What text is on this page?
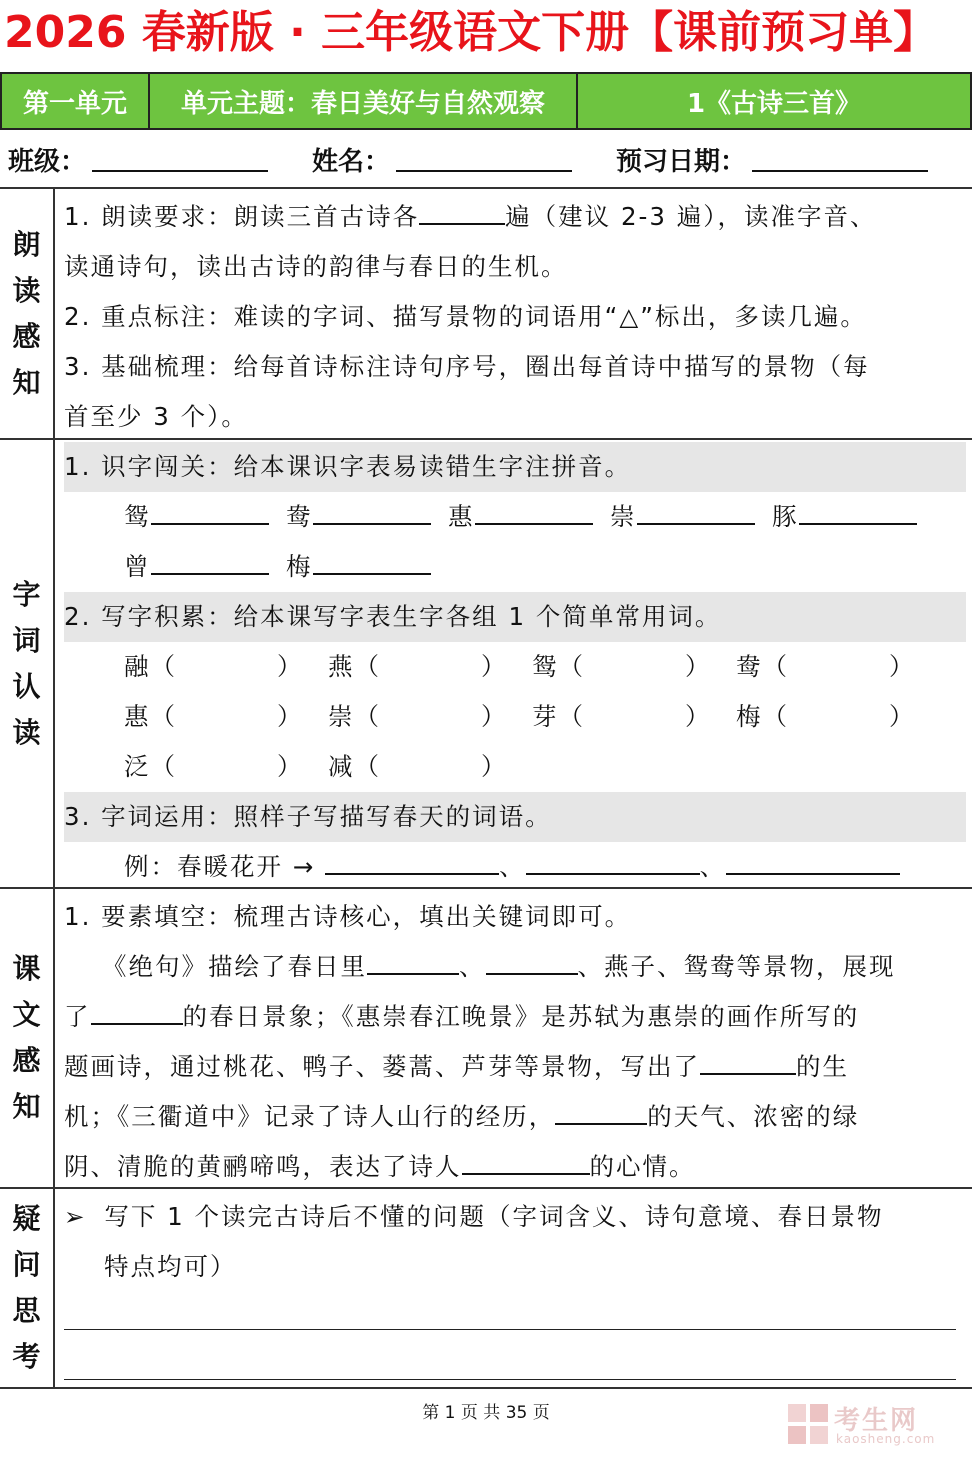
2026 春新版 · 三年级语文下册【课前预习单】
第一单元	单元主题：春日美好与自然观察	1《古诗三首》
班级：	姓名：	预习日期：
朗
读
感
知
1. 朗读要求：朗读三首古诗各	遍（建议 2-3 遍），读准字音、
读通诗句，读出古诗的韵律与春日的生机。
2. 重点标注：难读的字词、描写景物的词语用“△”标出，多读几遍。
3. 基础梳理：给每首诗标注诗句序号，圈出每首诗中描写的景物（每
首至少 3 个）。
字
词
认
读
1. 识字闯关：给本课识字表易读错生字注拼音。
鸳	鸯	惠	崇	豚
曾	梅
2. 写字积累：给本课写字表生字各组 1 个简单常用词。
融（	） 燕（	） 鸳（	） 鸯（	）
惠（	） 崇（	） 芽（	） 梅（	）
泛（	） 减（	）
3. 字词运用：照样子写描写春天的词语。
例：春暖花开 →	、	、
课
文
感
知
1. 要素填空：梳理古诗核心，填出关键词即可。
《绝句》描绘了春日里	、	、燕子、鸳鸯等景物，展现
了	的春日景象；《惠崇春江晚景》是苏轼为惠崇的画作所写的
题画诗，通过桃花、鸭子、蒌蒿、芦芽等景物，写出了	的生
机；《三衢道中》记录了诗人山行的经历，	的天气、浓密的绿
阴、清脆的黄鹂啼鸣，表达了诗人	的心情。
疑
问
思
考
➢ 写下 1 个读完古诗后不懂的问题（字词含义、诗句意境、春日景物
特点均可）
第 1 页 共 35 页	考生网
kaosheng.com
